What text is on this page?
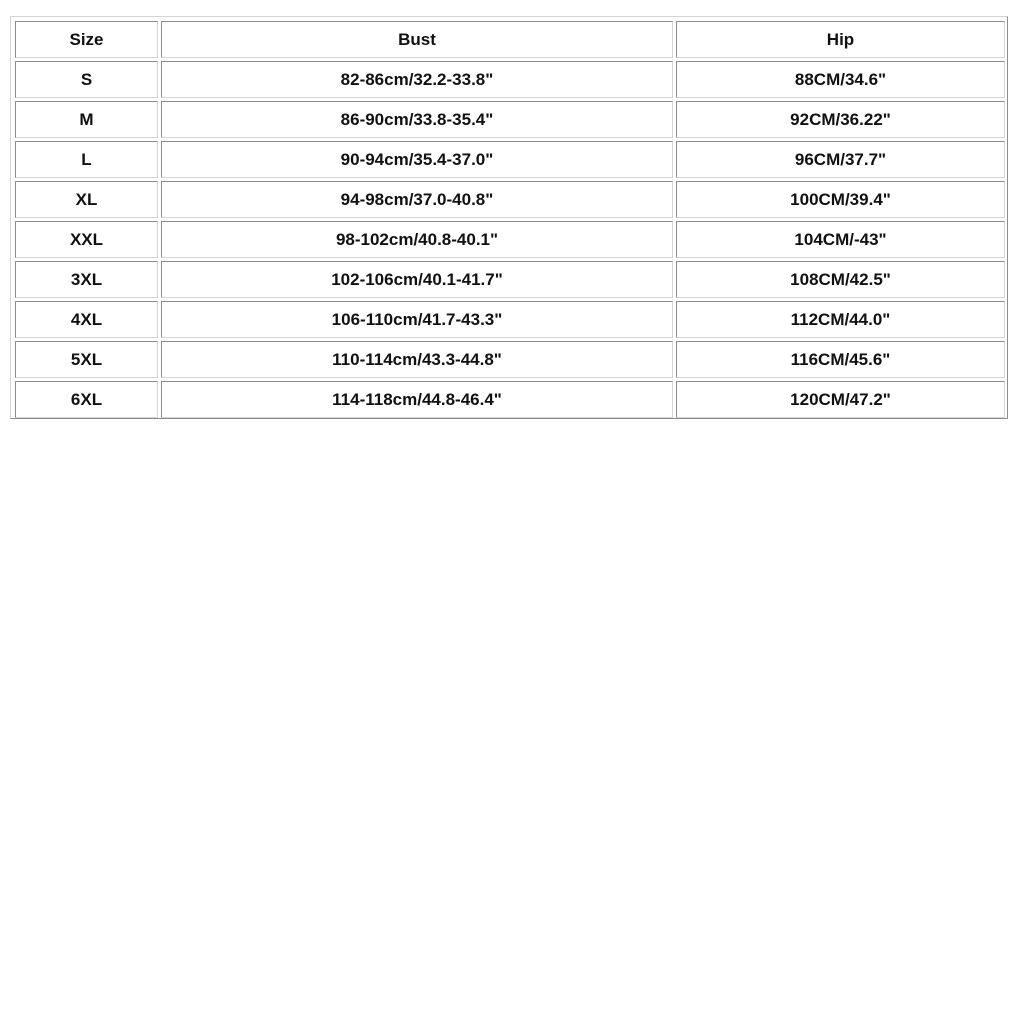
Size	Bust	Hip
S	82-86cm/32.2-33.8"	88CM/34.6"
M	86-90cm/33.8-35.4"	92CM/36.22"
L	90-94cm/35.4-37.0"	96CM/37.7"
XL	94-98cm/37.0-40.8"	100CM/39.4"
XXL	98-102cm/40.8-40.1"	104CM/-43"
3XL	102-106cm/40.1-41.7"	108CM/42.5"
4XL	106-110cm/41.7-43.3"	112CM/44.0"
5XL	110-114cm/43.3-44.8"	116CM/45.6"
6XL	114-118cm/44.8-46.4"	120CM/47.2"
